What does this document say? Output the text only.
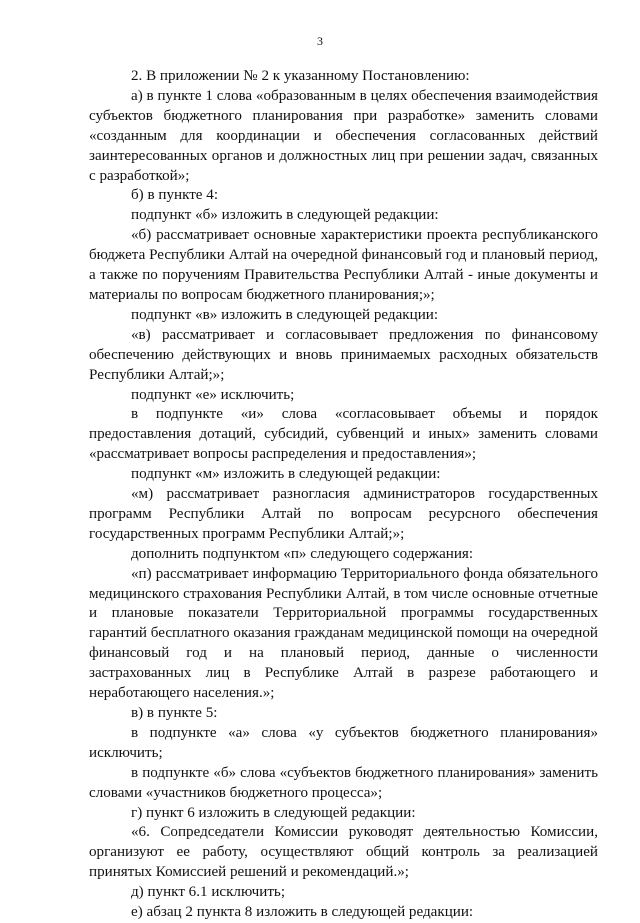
3

2. В приложении № 2 к указанному Постановлению:

а) в пункте 1 слова «образованным в целях обеспечения взаимодействия субъектов бюджетного планирования при разработке» заменить словами «созданным для координации и обеспечения согласованных действий заинтересованных органов и должностных лиц при решении задач, связанных с разработкой»;

б) в пункте 4:

подпункт «б» изложить в следующей редакции:

«б) рассматривает основные характеристики проекта республиканского бюджета Республики Алтай на очередной финансовый год и плановый период, а также по поручениям Правительства Республики Алтай - иные документы и материалы по вопросам бюджетного планирования;»;

подпункт «в» изложить в следующей редакции:

«в) рассматривает и согласовывает предложения по финансовому обеспечению действующих и вновь принимаемых расходных обязательств Республики Алтай;»;

подпункт «е» исключить;

в подпункте «и» слова «согласовывает объемы и порядок предоставления дотаций, субсидий, субвенций и иных» заменить словами «рассматривает вопросы распределения и предоставления»;

подпункт «м» изложить в следующей редакции:

«м) рассматривает разногласия администраторов государственных программ Республики Алтай по вопросам ресурсного обеспечения государственных программ Республики Алтай;»;

дополнить подпунктом «п» следующего содержания:

«п) рассматривает информацию Территориального фонда обязательного медицинского страхования Республики Алтай, в том числе основные отчетные и плановые показатели Территориальной программы государственных гарантий бесплатного оказания гражданам медицинской помощи на очередной финансовый год и на плановый период, данные о численности застрахованных лиц в Республике Алтай в разрезе работающего и неработающего населения.»;

в) в пункте 5:

в подпункте «а» слова «у субъектов бюджетного планирования» исключить;

в подпункте «б» слова «субъектов бюджетного планирования» заменить словами «участников бюджетного процесса»;

г) пункт 6 изложить в следующей редакции:

«6. Сопредседатели Комиссии руководят деятельностью Комиссии, организуют ее работу, осуществляют общий контроль за реализацией принятых Комиссией решений и рекомендаций.»;

д) пункт 6.1 исключить;

е) абзац 2 пункта 8 изложить в следующей редакции:
